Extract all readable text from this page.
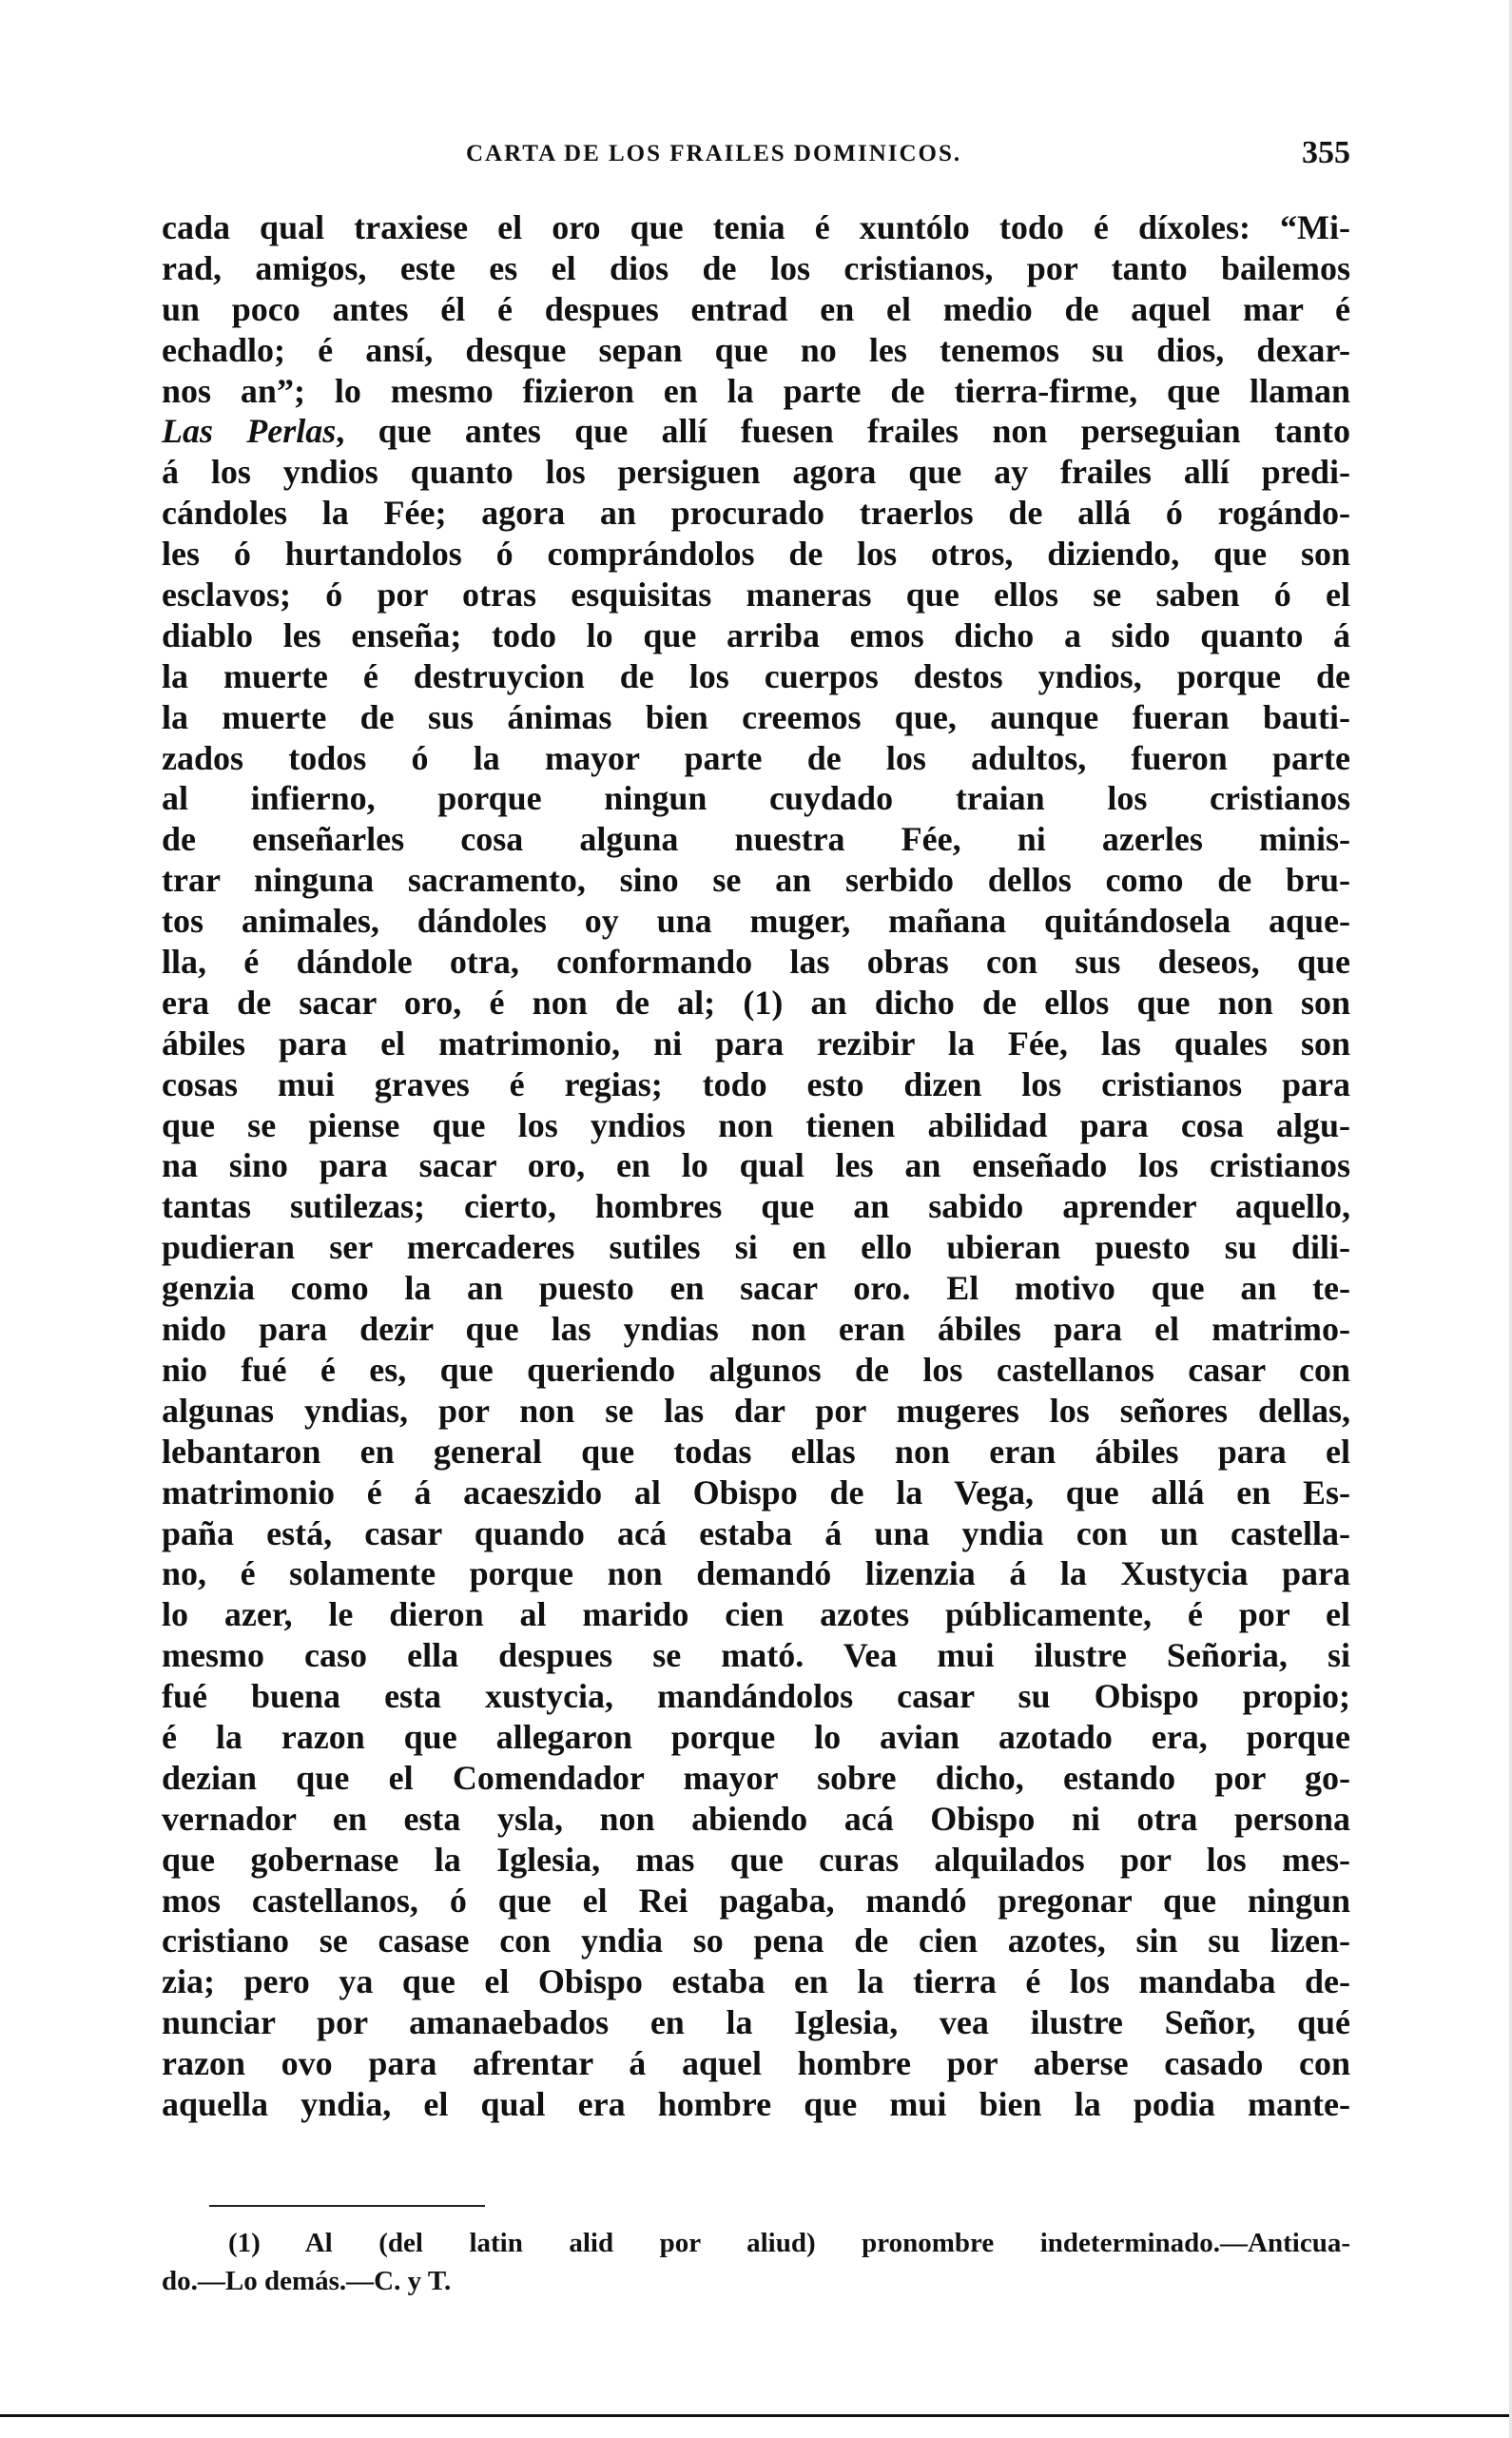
CARTA DE LOS FRAILES DOMINICOS.	355
cada qual traxiese el oro que tenia é xuntólo todo é díxoles: “Mi-
rad, amigos, este es el dios de los cristianos, por tanto bailemos
un poco antes él é despues entrad en el medio de aquel mar é
echadlo; é ansí, desque sepan que no les tenemos su dios, dexar-
nos an”; lo mesmo fizieron en la parte de tierra-firme, que llaman
Las Perlas, que antes que allí fuesen frailes non perseguian tanto
á los yndios quanto los persiguen agora que ay frailes allí predi-
cándoles la Fée; agora an procurado traerlos de allá ó rogándo-
les ó hurtandolos ó comprándolos de los otros, diziendo, que son
esclavos; ó por otras esquisitas maneras que ellos se saben ó el
diablo les enseña; todo lo que arriba emos dicho a sido quanto á
la muerte é destruycion de los cuerpos destos yndios, porque de
la muerte de sus ánimas bien creemos que, aunque fueran bauti-
zados todos ó la mayor parte de los adultos, fueron parte
al infierno, porque ningun cuydado traian los cristianos
de enseñarles cosa alguna nuestra Fée, ni azerles minis-
trar ninguna sacramento, sino se an serbido dellos como de bru-
tos animales, dándoles oy una muger, mañana quitándosela aque-
lla, é dándole otra, conformando las obras con sus deseos, que
era de sacar oro, é non de al; (1) an dicho de ellos que non son
ábiles para el matrimonio, ni para rezibir la Fée, las quales son
cosas mui graves é regias; todo esto dizen los cristianos para
que se piense que los yndios non tienen abilidad para cosa algu-
na sino para sacar oro, en lo qual les an enseñado los cristianos
tantas sutilezas; cierto, hombres que an sabido aprender aquello,
pudieran ser mercaderes sutiles si en ello ubieran puesto su dili-
genzia como la an puesto en sacar oro. El motivo que an te-
nido para dezir que las yndias non eran ábiles para el matrimo-
nio fué é es, que queriendo algunos de los castellanos casar con
algunas yndias, por non se las dar por mugeres los señores dellas,
lebantaron en general que todas ellas non eran ábiles para el
matrimonio é á acaeszido al Obispo de la Vega, que allá en Es-
paña está, casar quando acá estaba á una yndia con un castella-
no, é solamente porque non demandó lizenzia á la Xustycia para
lo azer, le dieron al marido cien azotes públicamente, é por el
mesmo caso ella despues se mató. Vea mui ilustre Señoria, si
fué buena esta xustycia, mandándolos casar su Obispo propio;
é la razon que allegaron porque lo avian azotado era, porque
dezian que el Comendador mayor sobre dicho, estando por go-
vernador en esta ysla, non abiendo acá Obispo ni otra persona
que gobernase la Iglesia, mas que curas alquilados por los mes-
mos castellanos, ó que el Rei pagaba, mandó pregonar que ningun
cristiano se casase con yndia so pena de cien azotes, sin su lizen-
zia; pero ya que el Obispo estaba en la tierra é los mandaba de-
nunciar por amanaebados en la Iglesia, vea ilustre Señor, qué
razon ovo para afrentar á aquel hombre por aberse casado con
aquella yndia, el qual era hombre que mui bien la podia mante-
(1) Al (del latin alid por aliud) pronombre indeterminado.—Anticua-
do.—Lo demás.—C. y T.
